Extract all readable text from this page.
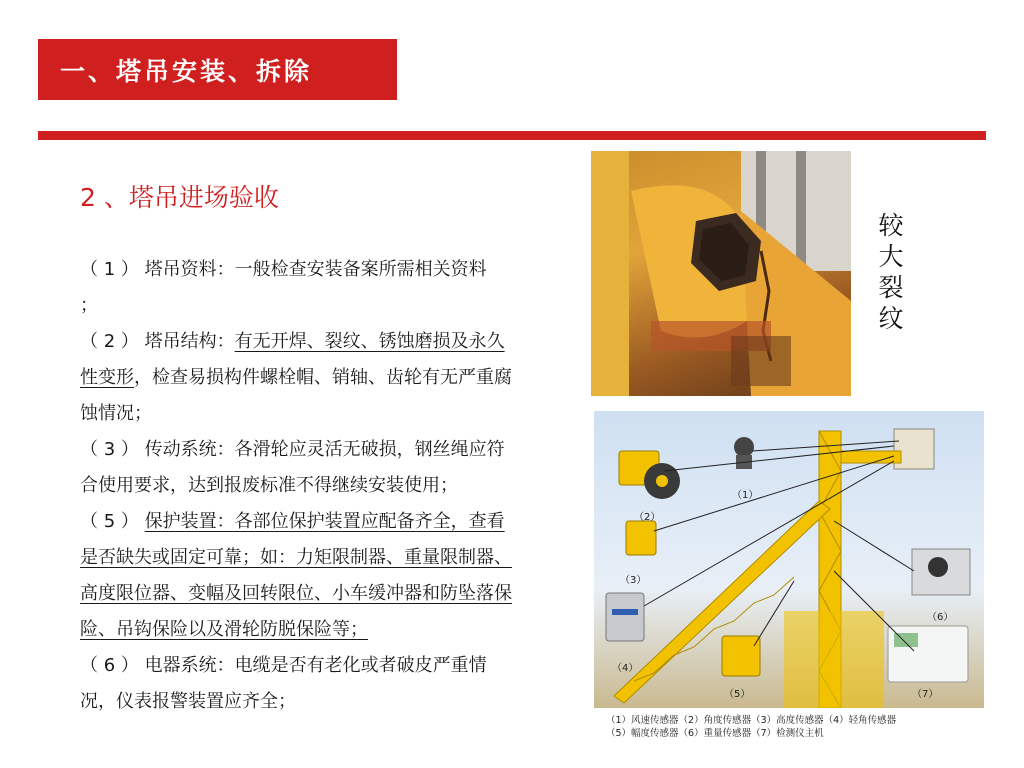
一、塔吊安装、拆除
2 、塔吊进场验收

（ 1 ） 塔吊资料：一般检查安装备案所需相关资料
；

（ 2 ） 塔吊结构：有无开焊、裂纹、锈蚀磨损及永久性变形，检查易损构件螺栓帽、销轴、齿轮有无严重腐蚀情况；

（ 3 ） 传动系统：各滑轮应灵活无破损，钢丝绳应符合使用要求，达到报废标准不得继续安装使用；

（ 5 ） 保护装置：各部位保护装置应配备齐全，查看是否缺失或固定可靠；如：力矩限制器、重量限制器、高度限位器、变幅及回转限位、小车缓冲器和防坠落保险、吊钩保险以及滑轮防脱保险等；

（ 6 ） 电器系统：电缆是否有老化或者破皮严重情况，仪表报警装置应齐全；

较
大
裂
纹
（1）
（2）
（3）
（4）
（5）
（6）
（7）

（1）风速传感器（2）角度传感器（3）高度传感器（4）轻角传感器

（5）幅度传感器（6）重量传感器（7）检测仪主机
